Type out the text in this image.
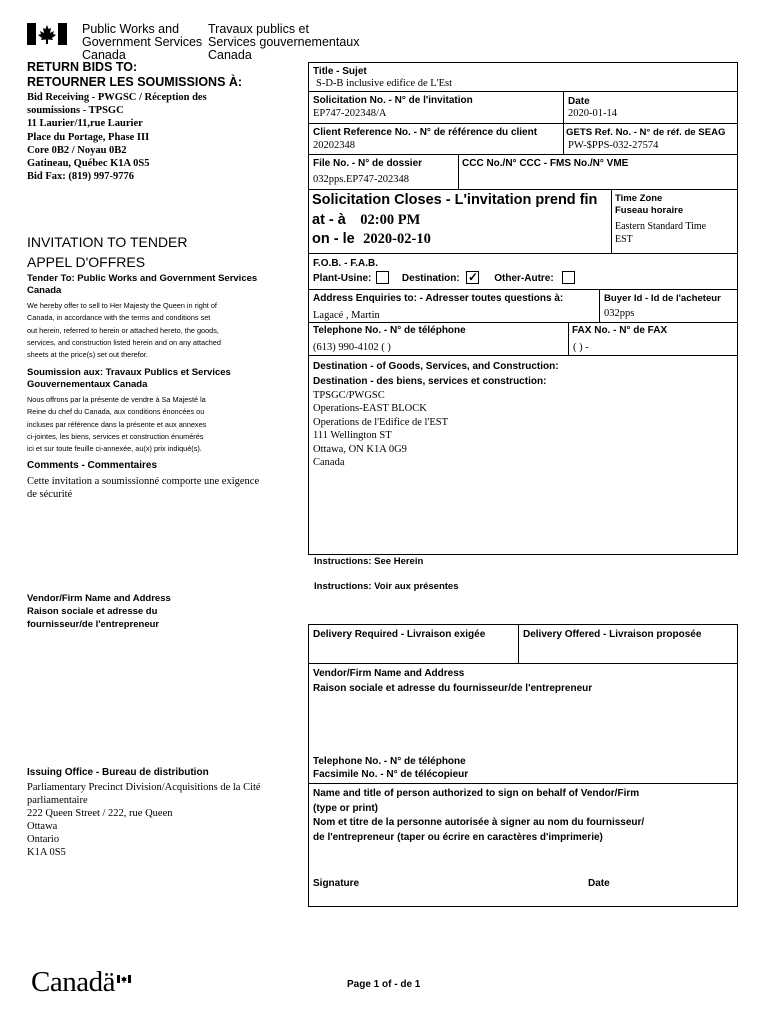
Public Works and
Government Services
Canada
Travaux publics et
Services gouvernementaux
Canada
RETURN BIDS TO:
RETOURNER LES SOUMISSIONS À:
Bid Receiving - PWGSC / Réception des
soumissions - TPSGC
11 Laurier/11,rue Laurier
Place du Portage, Phase III
Core 0B2 / Noyau 0B2
Gatineau, Québec K1A 0S5
Bid Fax: (819) 997-9776
INVITATION TO TENDER
APPEL D'OFFRES
Tender To: Public Works and Government Services Canada
We hereby offer to sell to Her Majesty the Queen in right of
Canada, in accordance with the terms and conditions set
out herein, referred to herein or attached hereto, the goods,
services, and construction listed herein and on any attached
sheets at the price(s) set out therefor.
Soumission aux: Travaux Publics et Services Gouvernementaux Canada
Nous offrons par la présente de vendre à Sa Majesté la
Reine du chef du Canada, aux conditions énoncées ou
incluses par référence dans la présente et aux annexes
ci-jointes, les biens, services et construction énumérés
ici et sur toute feuille ci-annexée, au(x) prix indiqué(s).
Comments - Commentaires
Cette invitation a soumissionné comporte une exigence
de sécurité
Vendor/Firm Name and Address
Raison sociale et adresse du
fournisseur/de l'entrepreneur
Issuing Office - Bureau de distribution
Parliamentary Precinct Division/Acquisitions de la Cité
parliamentaire
222 Queen Street / 222, rue Queen
Ottawa
Ontario
K1A 0S5
Title - Sujet
S-D-B inclusive edifice de L'Est
Solicitation No. - N° de l'invitation
EP747-202348/A
Date
2020-01-14
Client Reference No. - N° de référence du client
20202348
GETS Ref. No. - N° de réf. de SEAG
PW-$PPS-032-27574
File No. - N° de dossier
032pps.EP747-202348
CCC No./N° CCC - FMS No./N° VME
Solicitation Closes - L'invitation prend fin
at - à 02:00 PM
on - le 2020-02-10
Time Zone
Fuseau horaire
Eastern Standard Time
EST
F.O.B. - F.A.B.
Plant-Usine:	Destination: ✓ Other-Autre:
Address Enquiries to: - Adresser toutes questions à:
Lagacé , Martin
Buyer Id - Id de l'acheteur
032pps
Telephone No. - N° de téléphone
(613) 990-4102 ( )
FAX No. - N° de FAX
( ) -
Destination - of Goods, Services, and Construction:
Destination - des biens, services et construction:
TPSGC/PWGSC
Operations-EAST BLOCK
Operations de l'Edifice de l'EST
111 Wellington ST
Ottawa, ON K1A 0G9
Canada
Instructions: See Herein
Instructions: Voir aux présentes
Delivery Required - Livraison exigée	Delivery Offered - Livraison proposée
Vendor/Firm Name and Address
Raison sociale et adresse du fournisseur/de l'entrepreneur
Telephone No. - N° de téléphone
Facsimile No. - N° de télécopieur
Name and title of person authorized to sign on behalf of Vendor/Firm
(type or print)
Nom et titre de la personne autorisée à signer au nom du fournisseur/
de l'entrepreneur (taper ou écrire en caractères d'imprimerie)
Signature	Date
Canadä	Page 1 of - de 1
